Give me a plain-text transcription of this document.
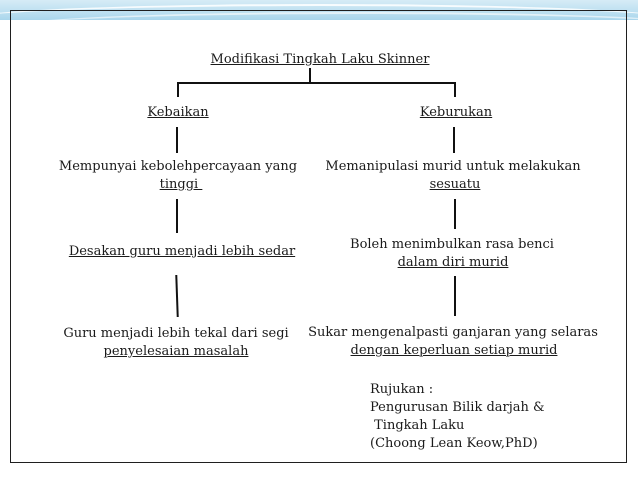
Modifikasi Tingkah Laku Skinner
Kebaikan	Keburukan
Mempunyai kebolehpercayaan yang
tinggi
Desakan guru menjadi lebih sedar
Guru menjadi lebih tekal dari segi
penyelesaian masalah
Memanipulasi murid untuk melakukan
sesuatu
Boleh menimbulkan rasa benci
dalam diri murid
Sukar mengenalpasti ganjaran yang selaras
dengan keperluan setiap murid
Rujukan :
Pengurusan Bilik darjah &
Tingkah Laku
(Choong Lean Keow,PhD)
